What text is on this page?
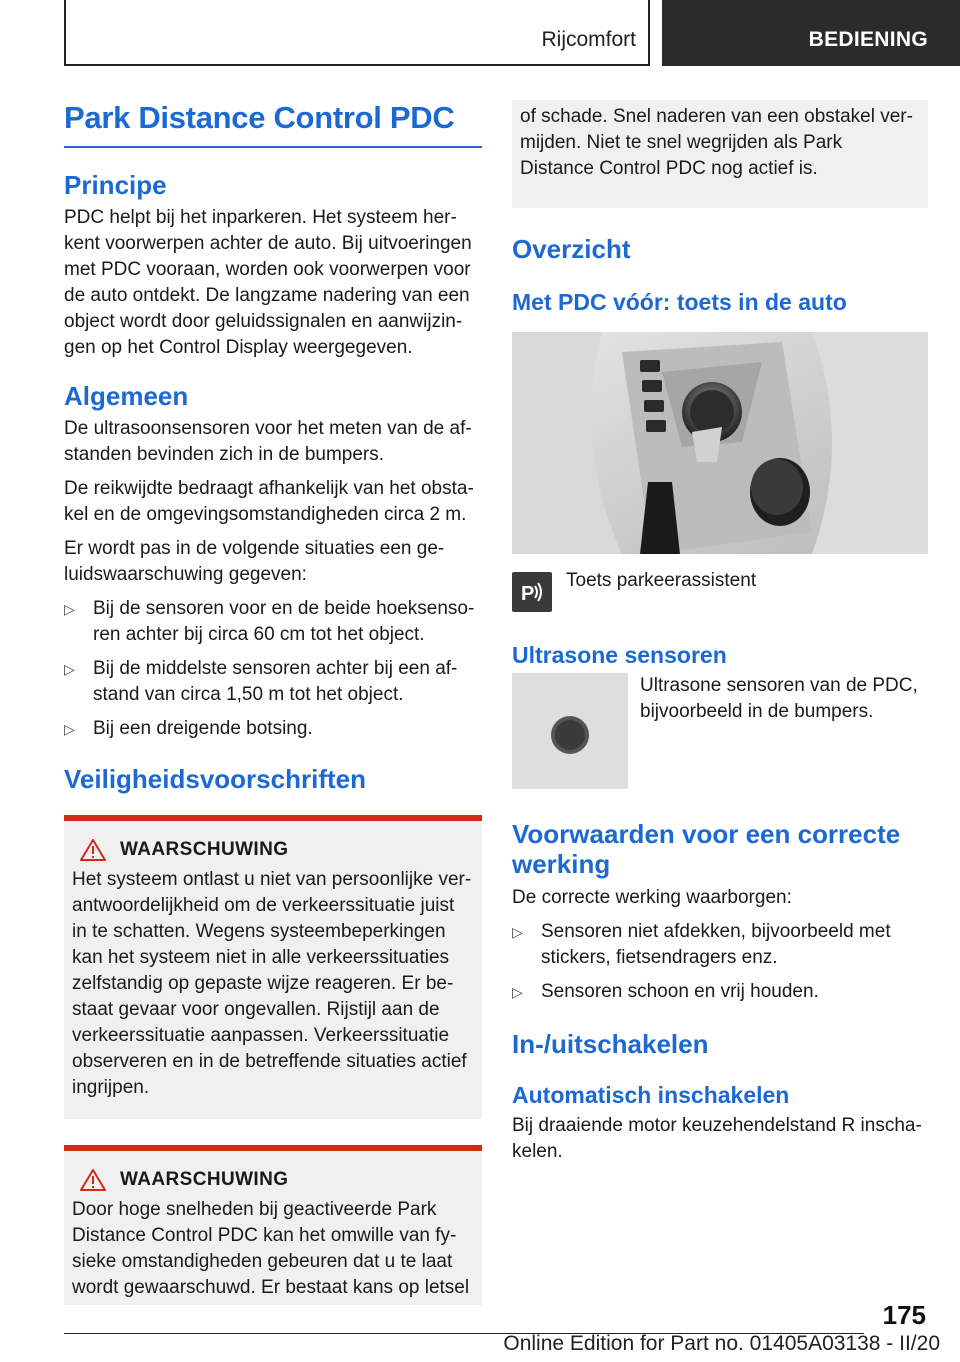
Rijcomfort	BEDIENING
Park Distance Control PDC
Principe

PDC helpt bij het inparkeren. Het systeem herkent voorwerpen achter de auto. Bij uitvoeringen met PDC vooraan, worden ook voorwerpen voor de auto ontdekt. De langzame nadering van een object wordt door geluidssignalen en aanwijzingen op het Control Display weergegeven.

Algemeen

De ultrasoonsensoren voor het meten van de afstanden bevinden zich in de bumpers.

De reikwijdte bedraagt afhankelijk van het obstakel en de omgevingsomstandigheden circa 2 m.

Er wordt pas in de volgende situaties een geluidswaarschuwing gegeven:

▷ Bij de sensoren voor en de beide hoeksensoren achter bij circa 60 cm tot het object.

▷ Bij de middelste sensoren achter bij een afstand van circa 1,50 m tot het object.

▷ Bij een dreigende botsing.

Veiligheidsvoorschriften
WAARSCHUWING

Het systeem ontlast u niet van persoonlijke verantwoordelijkheid om de verkeerssituatie juist in te schatten. Wegens systeembeperkingen kan het systeem niet in alle verkeerssituaties zelfstandig op gepaste wijze reageren. Er bestaat gevaar voor ongevallen. Rijstijl aan de verkeerssituatie aanpassen. Verkeerssituatie observeren en in de betreffende situaties actief ingrijpen.

WAARSCHUWING

Door hoge snelheden bij geactiveerde Park Distance Control PDC kan het omwille van fysieke omstandigheden gebeuren dat u te laat wordt gewaarschuwd. Er bestaat kans op letsel

of schade. Snel naderen van een obstakel vermijden. Niet te snel wegrijden als Park Distance Control PDC nog actief is.

Overzicht
Met PDC vóór: toets in de auto
P
Toets parkeerassistent
Ultrasone sensoren

Ultrasone sensoren van de PDC, bijvoorbeeld in de bumpers.

Voorwaarden voor een correcte werking

De correcte werking waarborgen:

▷ Sensoren niet afdekken, bijvoorbeeld met stickers, fietsendragers enz.

▷ Sensoren schoon en vrij houden.

In-/uitschakelen
Automatisch inschakelen

Bij draaiende motor keuzehendelstand R inschakelen.

175
Online Edition for Part no. 01405A03138 - II/20
